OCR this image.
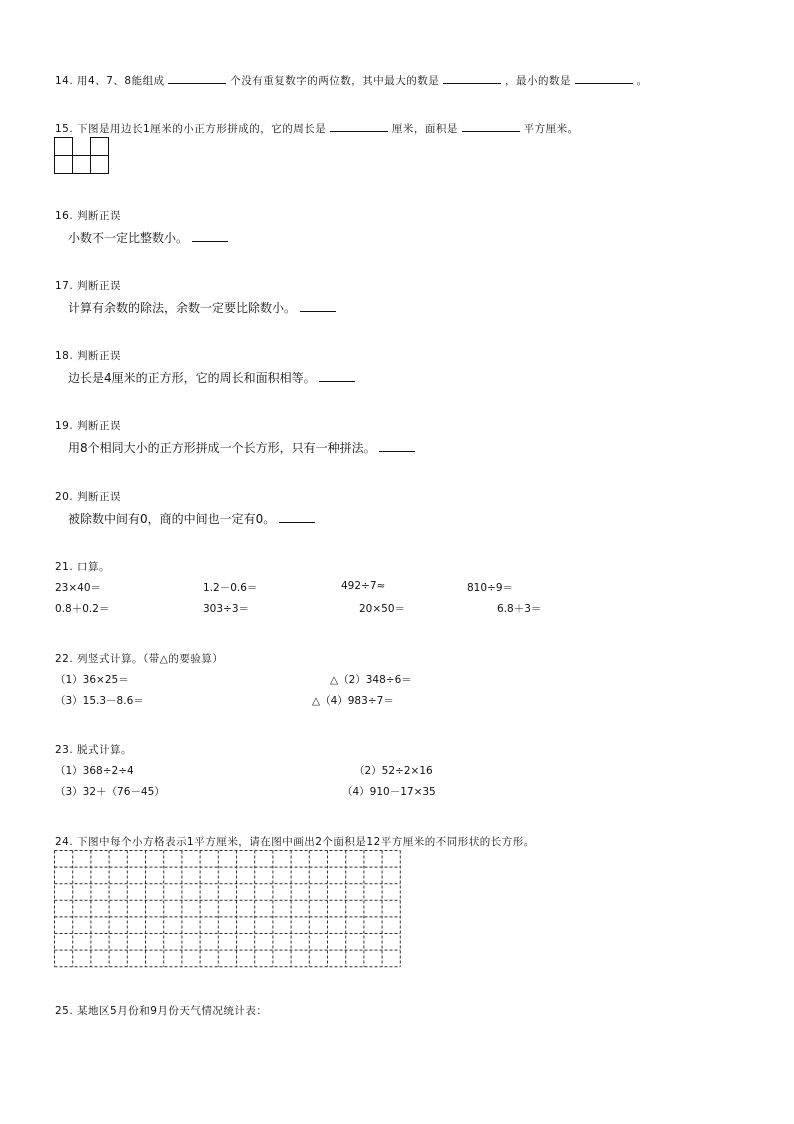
14. 用4、7、8能组成	个没有重复数字的两位数，其中最大的数是	，最小的数是	。
15. 下图是用边长1厘米的小正方形拼成的，它的周长是	厘米，面积是	平方厘米。
16. 判断正误
小数不一定比整数小。
17. 判断正误
计算有余数的除法，余数一定要比除数小。
18. 判断正误
边长是4厘米的正方形，它的周长和面积相等。
19. 判断正误
用8个相同大小的正方形拼成一个长方形，只有一种拼法。
20. 判断正误
被除数中间有0，商的中间也一定有0。
21. 口算。
23×40＝	1.2－0.6＝	492÷7≈	810÷9＝
0.8＋0.2＝	303÷3＝	20×50＝	6.8＋3＝
22. 列竖式计算。（带△的要验算）
（1）36×25＝	△（2）348÷6＝
（3）15.3－8.6＝	△（4）983÷7＝
23. 脱式计算。
（1）368÷2÷4	（2）52÷2×16
（3）32＋（76－45）	（4）910－17×35
24. 下图中每个小方格表示1平方厘米，请在图中画出2个面积是12平方厘米的不同形状的长方形。
25. 某地区5月份和9月份天气情况统计表：
